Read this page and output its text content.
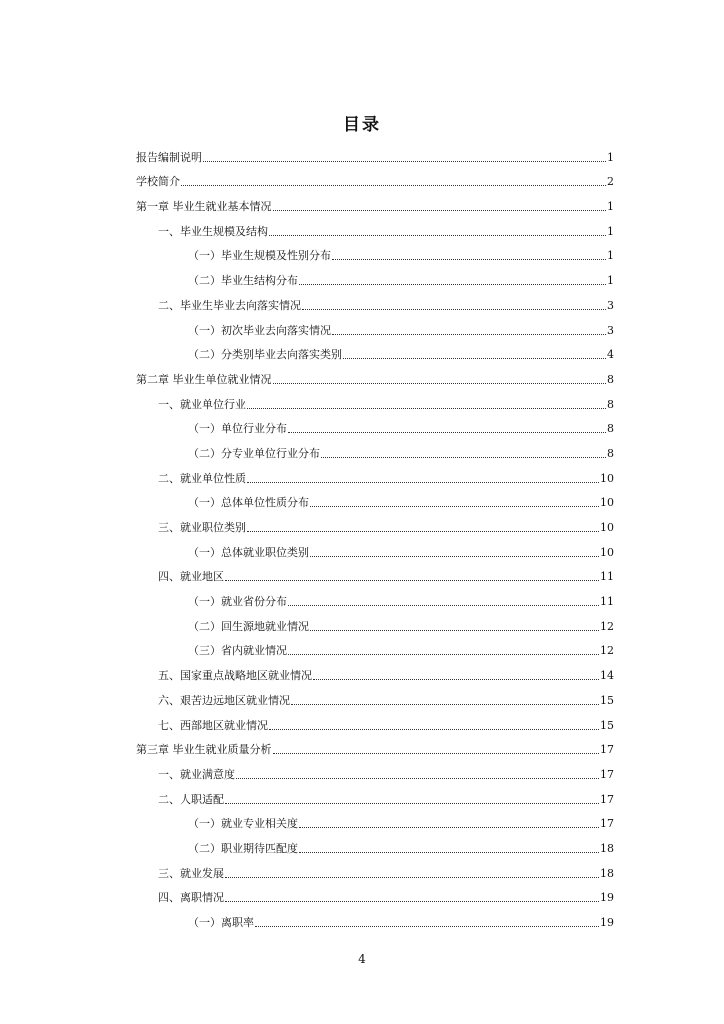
目录
报告编制说明	1
学校简介	2
第一章 毕业生就业基本情况	1
一、毕业生规模及结构	1
（一）毕业生规模及性别分布	1
（二）毕业生结构分布	1
二、毕业生毕业去向落实情况	3
（一）初次毕业去向落实情况	3
（二）分类别毕业去向落实类别	4
第二章 毕业生单位就业情况	8
一、就业单位行业	8
（一）单位行业分布	8
（二）分专业单位行业分布	8
二、就业单位性质	10
（一）总体单位性质分布	10
三、就业职位类别	10
（一）总体就业职位类别	10
四、就业地区	11
（一）就业省份分布	11
（二）回生源地就业情况	12
（三）省内就业情况	12
五、国家重点战略地区就业情况	14
六、艰苦边远地区就业情况	15
七、西部地区就业情况	15
第三章 毕业生就业质量分析	17
一、就业满意度	17
二、人职适配	17
（一）就业专业相关度	17
（二）职业期待匹配度	18
三、就业发展	18
四、离职情况	19
（一）离职率	19
4
